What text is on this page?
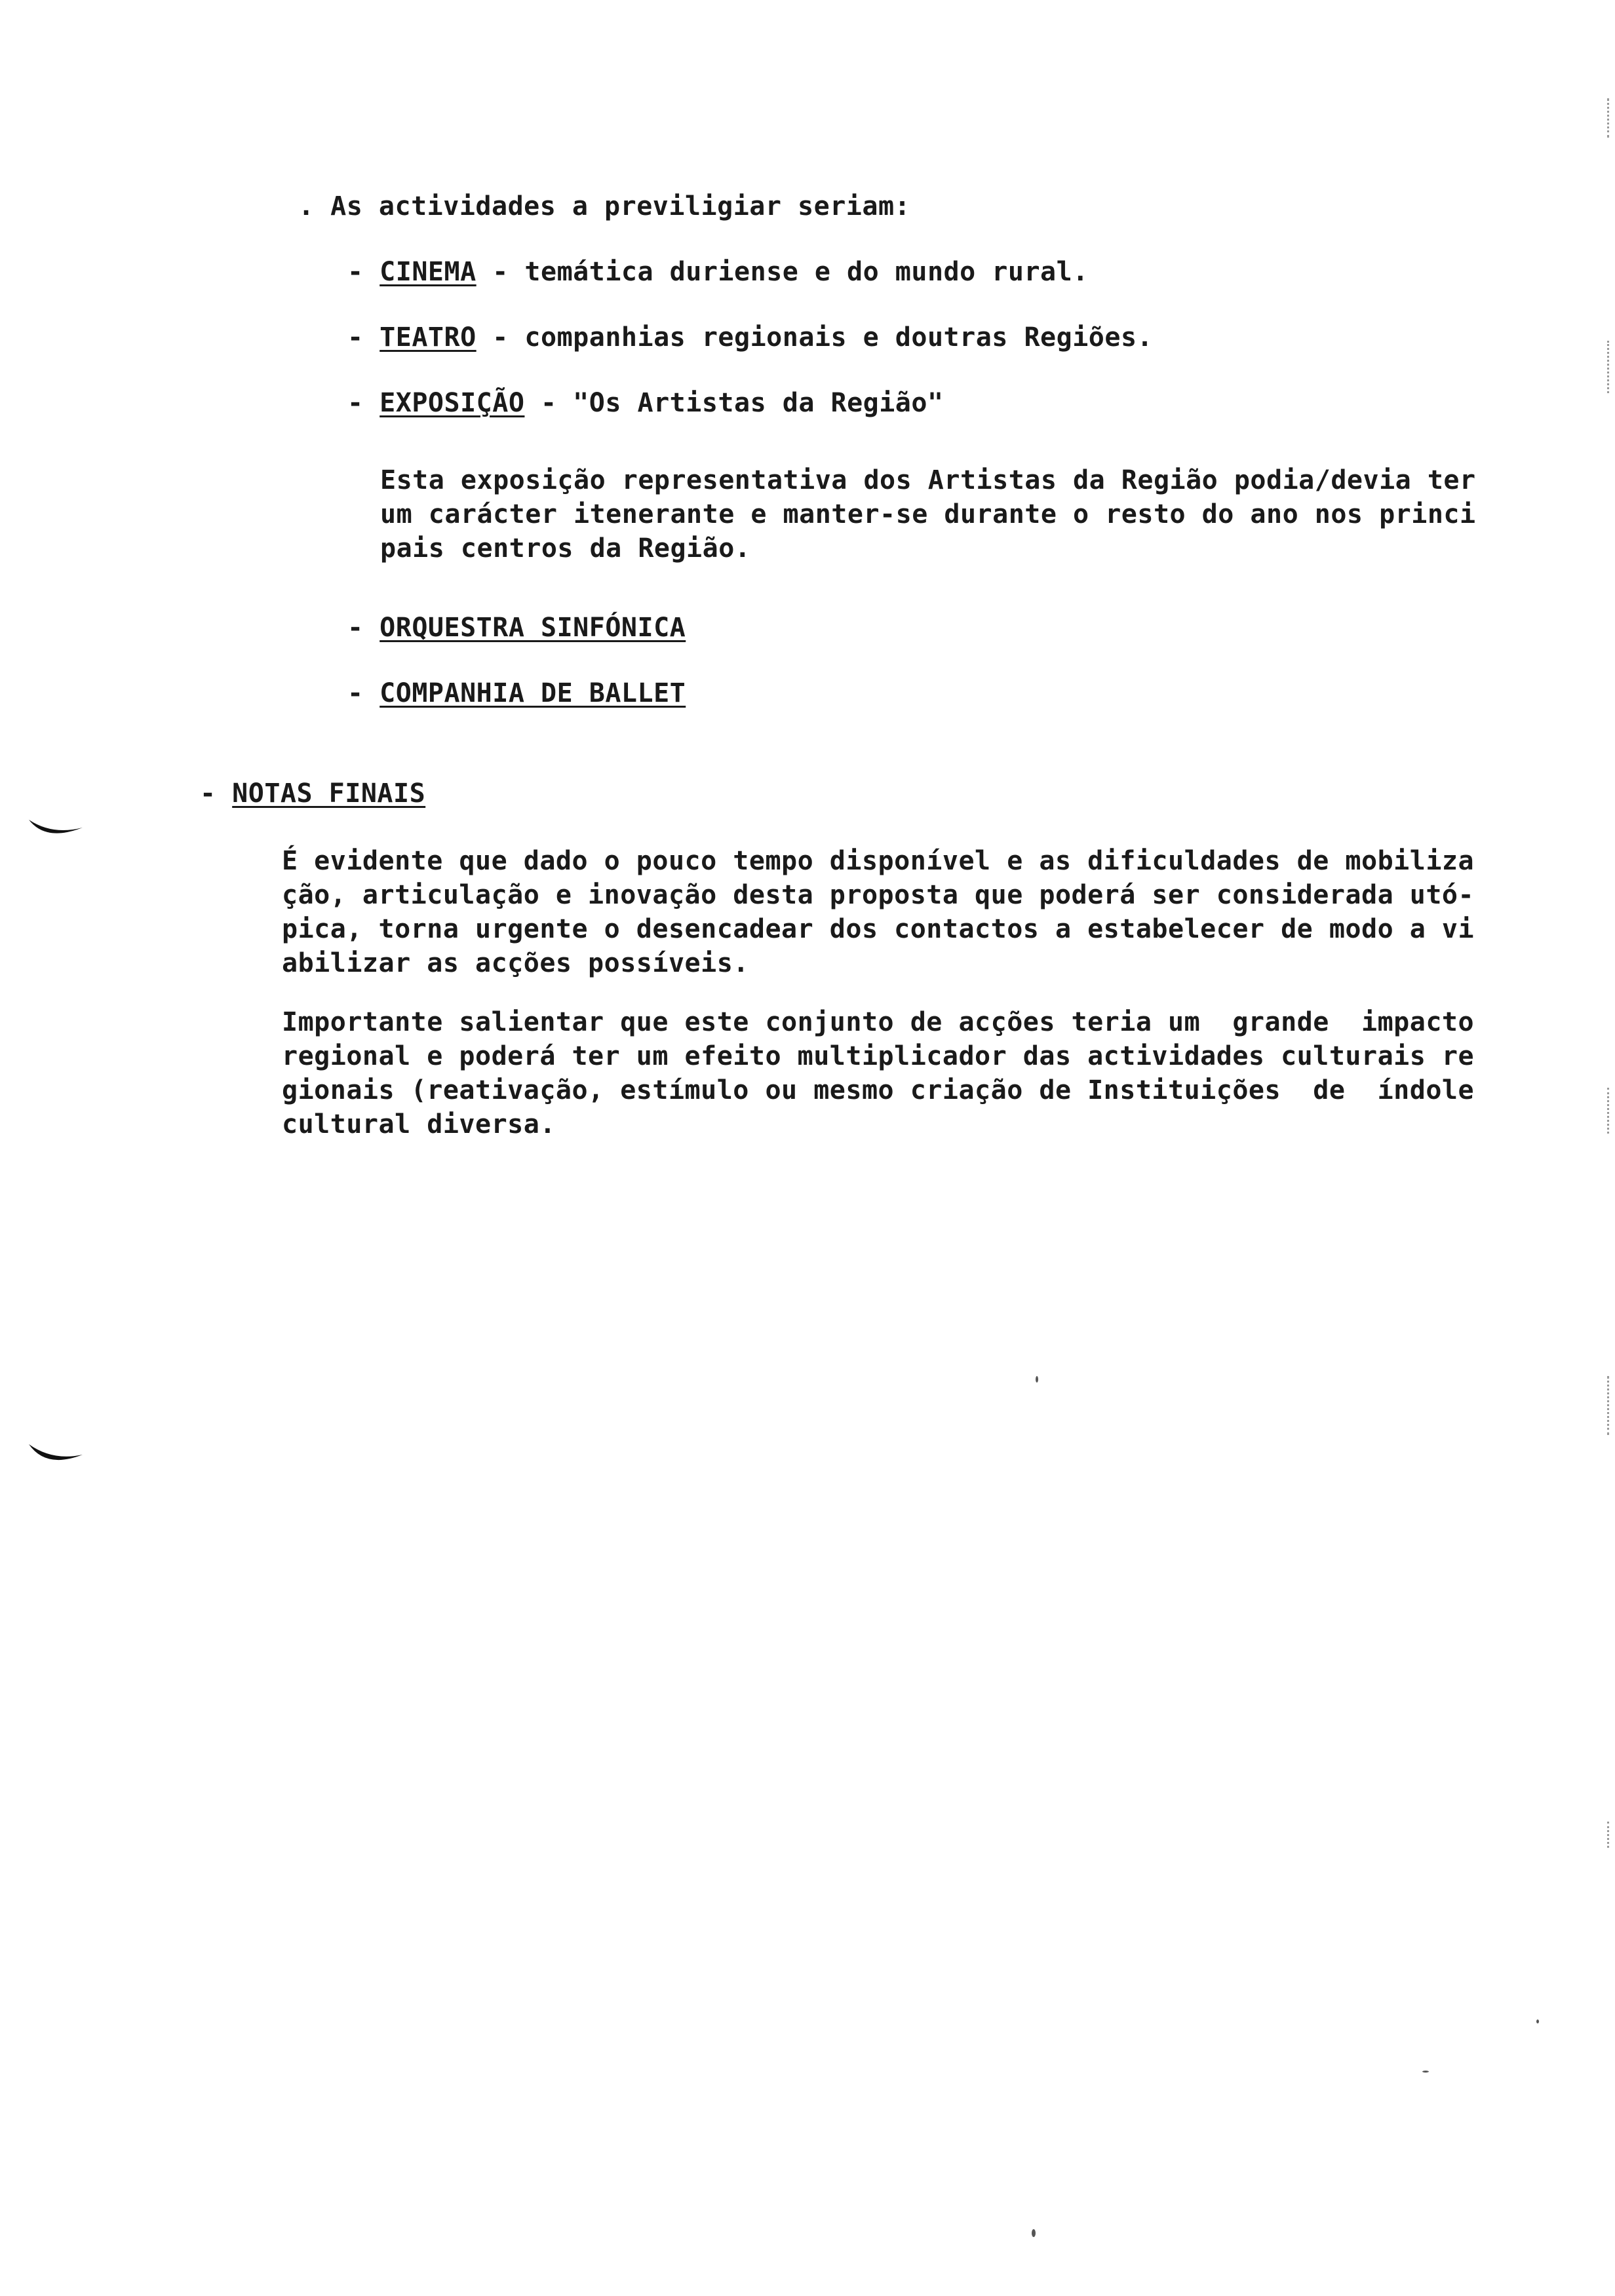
. As actividades a previligiar seriam:
- CINEMA - temática duriense e do mundo rural.
- TEATRO - companhias regionais e doutras Regiões.
- EXPOSIÇÃO - "Os Artistas da Região"
Esta exposição representativa dos Artistas da Região podia/devia ter
um carácter itenerante e manter-se durante o resto do ano nos princi
pais centros da Região.
- ORQUESTRA SINFÓNICA
- COMPANHIA DE BALLET
- NOTAS FINAIS
É evidente que dado o pouco tempo disponível e as dificuldades de mobiliza
ção, articulação e inovação desta proposta que poderá ser considerada utó-
pica, torna urgente o desencadear dos contactos a estabelecer de modo a vi
abilizar as acções possíveis.
Importante salientar que este conjunto de acções teria um  grande  impacto
regional e poderá ter um efeito multiplicador das actividades culturais re
gionais (reativação, estímulo ou mesmo criação de Instituições  de  índole
cultural diversa.
